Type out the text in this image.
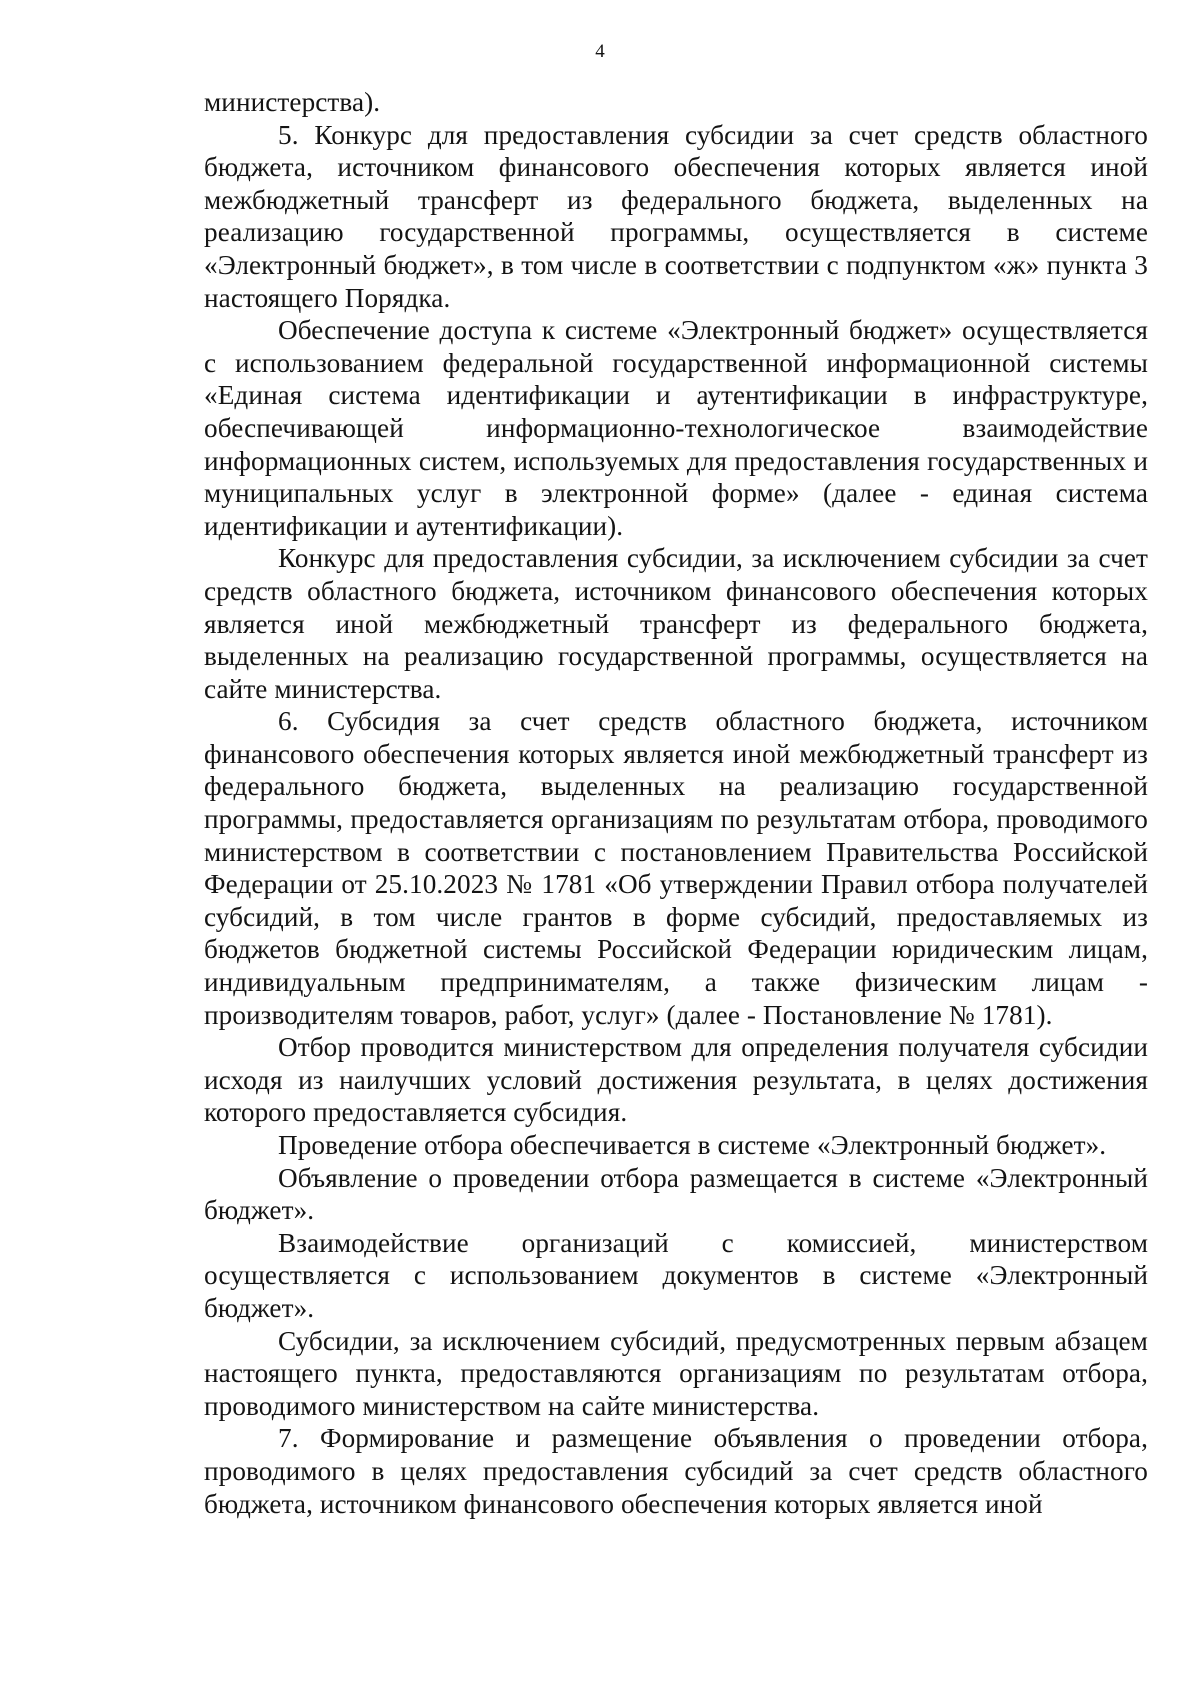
4

министерства).

5. Конкурс для предоставления субсидии за счет средств областного бюджета, источником финансового обеспечения которых является иной межбюджетный трансферт из федерального бюджета, выделенных на реализацию государственной программы, осуществляется в системе «Электронный бюджет», в том числе в соответствии с подпунктом «ж» пункта 3 настоящего Порядка.

Обеспечение доступа к системе «Электронный бюджет» осуществляется с использованием федеральной государственной информационной системы «Единая система идентификации и аутентификации в инфраструктуре, обеспечивающей информационно-технологическое взаимодействие информационных систем, используемых для предоставления государственных и муниципальных услуг в электронной форме» (далее - единая система идентификации и аутентификации).

Конкурс для предоставления субсидии, за исключением субсидии за счет средств областного бюджета, источником финансового обеспечения которых является иной межбюджетный трансферт из федерального бюджета, выделенных на реализацию государственной программы, осуществляется на сайте министерства.

6. Субсидия за счет средств областного бюджета, источником финансового обеспечения которых является иной межбюджетный трансферт из федерального бюджета, выделенных на реализацию государственной программы, предоставляется организациям по результатам отбора, проводимого министерством в соответствии с постановлением Правительства Российской Федерации от 25.10.2023 № 1781 «Об утверждении Правил отбора получателей субсидий, в том числе грантов в форме субсидий, предоставляемых из бюджетов бюджетной системы Российской Федерации юридическим лицам, индивидуальным предпринимателям, а также физическим лицам - производителям товаров, работ, услуг» (далее - Постановление № 1781).

Отбор проводится министерством для определения получателя субсидии исходя из наилучших условий достижения результата, в целях достижения которого предоставляется субсидия.

Проведение отбора обеспечивается в системе «Электронный бюджет».

Объявление о проведении отбора размещается в системе «Электронный бюджет».

Взаимодействие организаций с комиссией, министерством осуществляется с использованием документов в системе «Электронный бюджет».

Субсидии, за исключением субсидий, предусмотренных первым абзацем настоящего пункта, предоставляются организациям по результатам отбора, проводимого министерством на сайте министерства.

7. Формирование и размещение объявления о проведении отбора, проводимого в целях предоставления субсидий за счет средств областного бюджета, источником финансового обеспечения которых является иной
